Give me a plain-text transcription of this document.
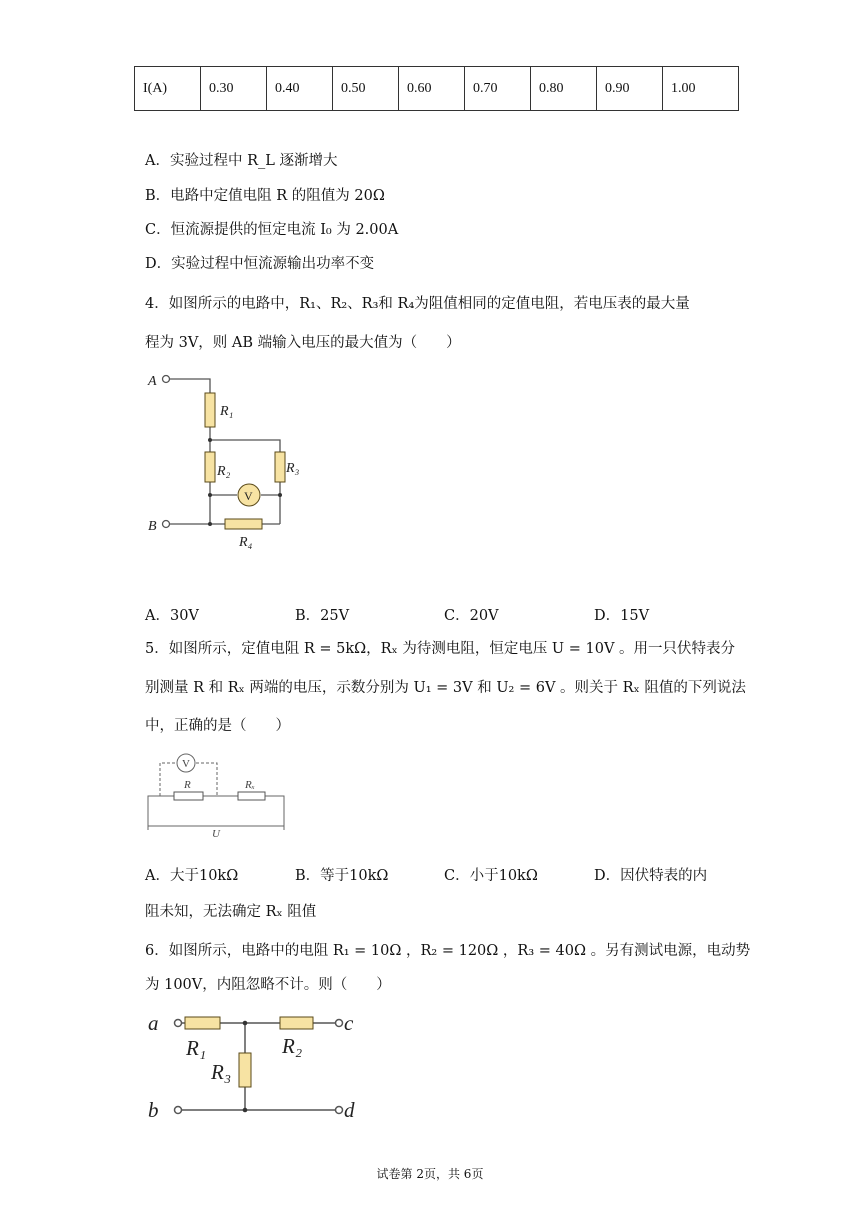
I(A)	0.30	0.40	0.50	0.60	0.70	0.80	0.90	1.00
A．实验过程中 R_L 逐渐增大
B．电路中定值电阻 R 的阻值为 20Ω
C．恒流源提供的恒定电流 I₀ 为 2.00A
D．实验过程中恒流源输出功率不变
4．如图所示的电路中，R₁、R₂、R₃和 R₄为阻值相同的定值电阻，若电压表的最大量
程为 3V，则 AB 端输入电压的最大值为（　　）
A
B
R₁
R₂	R₃
R₄
V
A．30V	B．25V	C．20V	D．15V
5．如图所示，定值电阻 R = 5kΩ，Rₓ 为待测电阻，恒定电压 U = 10V 。用一只伏特表分
别测量 R 和 Rₓ 两端的电压，示数分别为 U₁ = 3V 和 U₂ = 6V 。则关于 Rₓ 阻值的下列说法
中，正确的是（　　）
V
R	Rₓ
U
A．大于10kΩ	B．等于10kΩ	C．小于10kΩ	D．因伏特表的内
阻未知，无法确定 Rₓ 阻值
6．如图所示，电路中的电阻 R₁ = 10Ω ，R₂ = 120Ω ，R₃ = 40Ω 。另有测试电源，电动势
为 100V，内阻忽略不计。则（　　）
a
b
c
d
R₁	R₂
R₃
试卷第 2页，共 6页
